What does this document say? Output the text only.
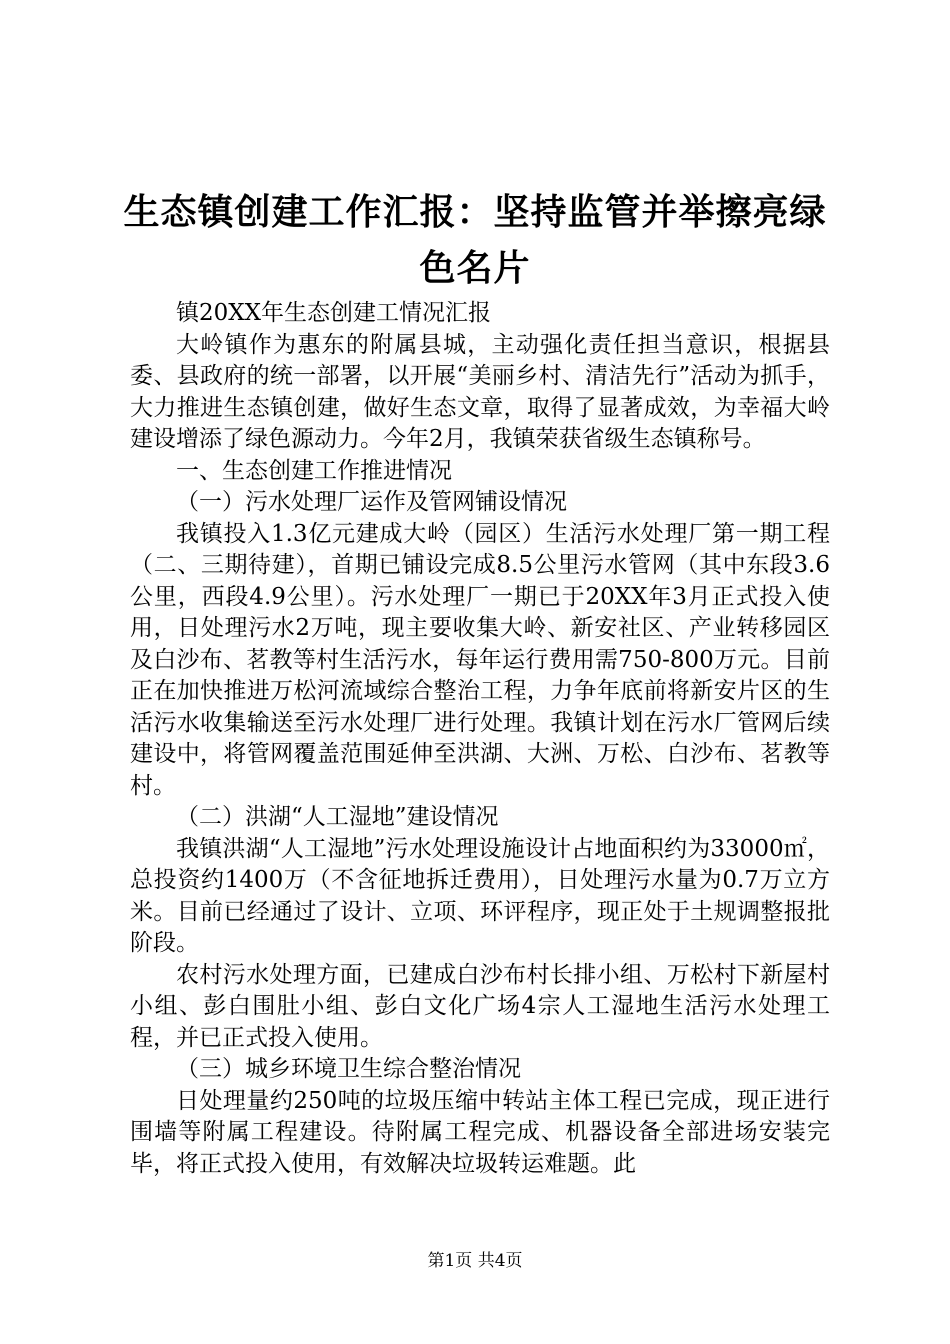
生态镇创建工作汇报：坚持监管并举擦亮绿色名片

镇20XX年生态创建工情况汇报

大岭镇作为惠东的附属县城，主动强化责任担当意识，根据县委、县政府的统一部署，以开展“美丽乡村、清洁先行”活动为抓手，大力推进生态镇创建，做好生态文章，取得了显著成效，为幸福大岭建设增添了绿色源动力。今年2月，我镇荣获省级生态镇称号。

一、生态创建工作推进情况

（一）污水处理厂运作及管网铺设情况

我镇投入1.3亿元建成大岭（园区）生活污水处理厂第一期工程（二、三期待建），首期已铺设完成8.5公里污水管网（其中东段3.6公里，西段4.9公里）。污水处理厂一期已于20XX年3月正式投入使用，日处理污水2万吨，现主要收集大岭、新安社区、产业转移园区及白沙布、茗教等村生活污水，每年运行费用需750-800万元。目前正在加快推进万松河流域综合整治工程，力争年底前将新安片区的生活污水收集输送至污水处理厂进行处理。我镇计划在污水厂管网后续建设中，将管网覆盖范围延伸至洪湖、大洲、万松、白沙布、茗教等村。

（二）洪湖“人工湿地”建设情况

我镇洪湖“人工湿地”污水处理设施设计占地面积约为33000㎡，总投资约1400万（不含征地拆迁费用），日处理污水量为0.7万立方米。目前已经通过了设计、立项、环评程序，现正处于土规调整报批阶段。

农村污水处理方面，已建成白沙布村长排小组、万松村下新屋村小组、彭白围肚小组、彭白文化广场4宗人工湿地生活污水处理工程，并已正式投入使用。

（三）城乡环境卫生综合整治情况

日处理量约250吨的垃圾压缩中转站主体工程已完成，现正进行围墙等附属工程建设。待附属工程完成、机器设备全部进场安装完毕，将正式投入使用，有效解决垃圾转运难题。此

第1页 共4页
